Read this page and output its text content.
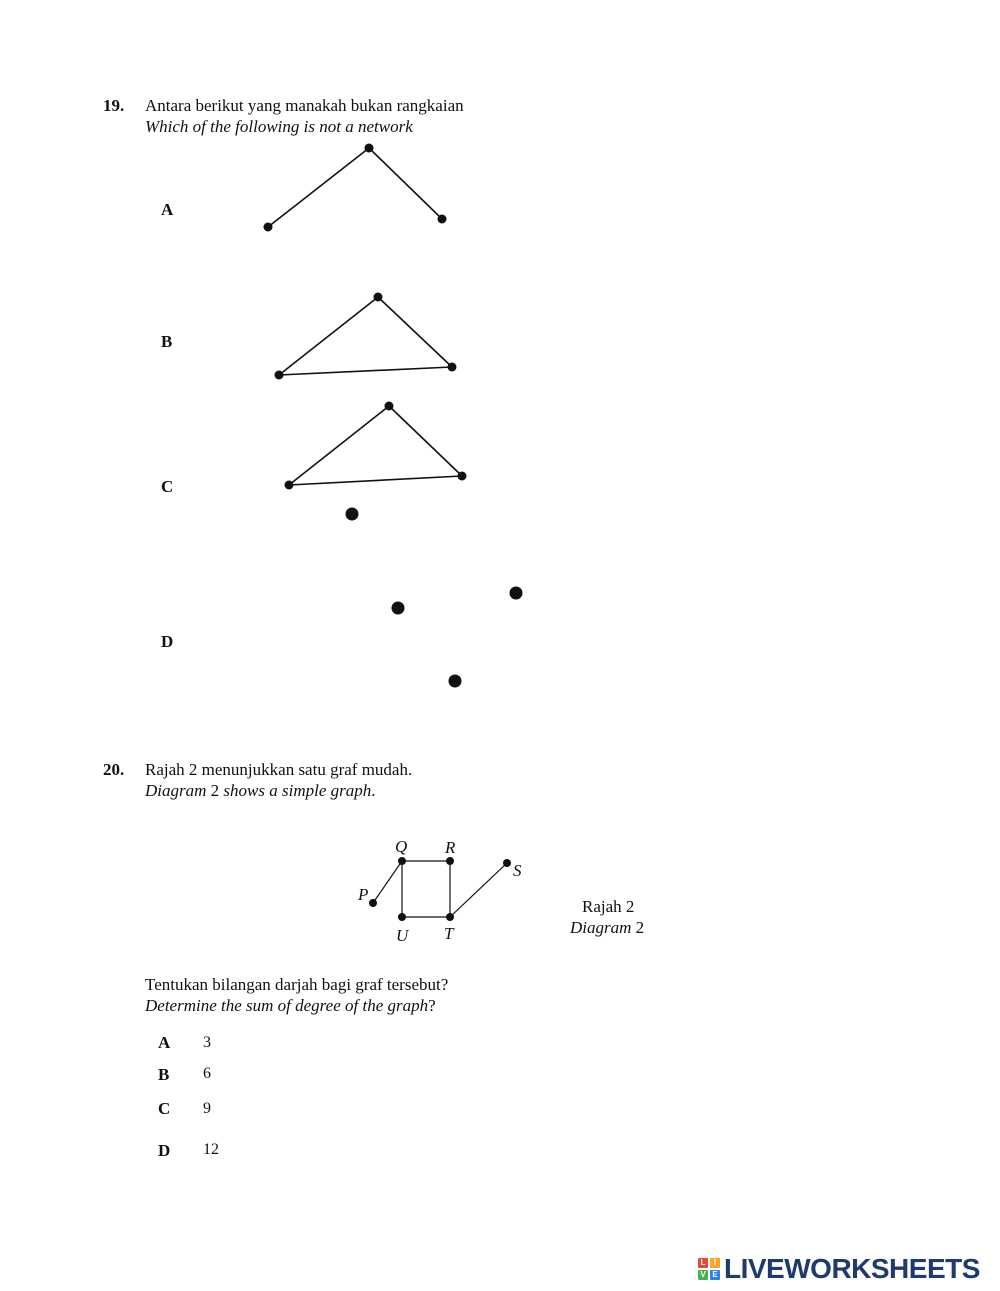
19. Antara berikut yang manakah bukan rangkaian
Which of the following is not a network
A
B
C
D
P
Q R
S
T
U
20. Rajah 2 menunjukkan satu graf mudah.
Diagram 2 shows a simple graph.
Rajah 2
Diagram 2
Tentukan bilangan darjah bagi graf tersebut?
Determine the sum of degree of the graph?
A 3
B 6
C 9
D 12
L	I
V E LIVEWORKSHEETS
